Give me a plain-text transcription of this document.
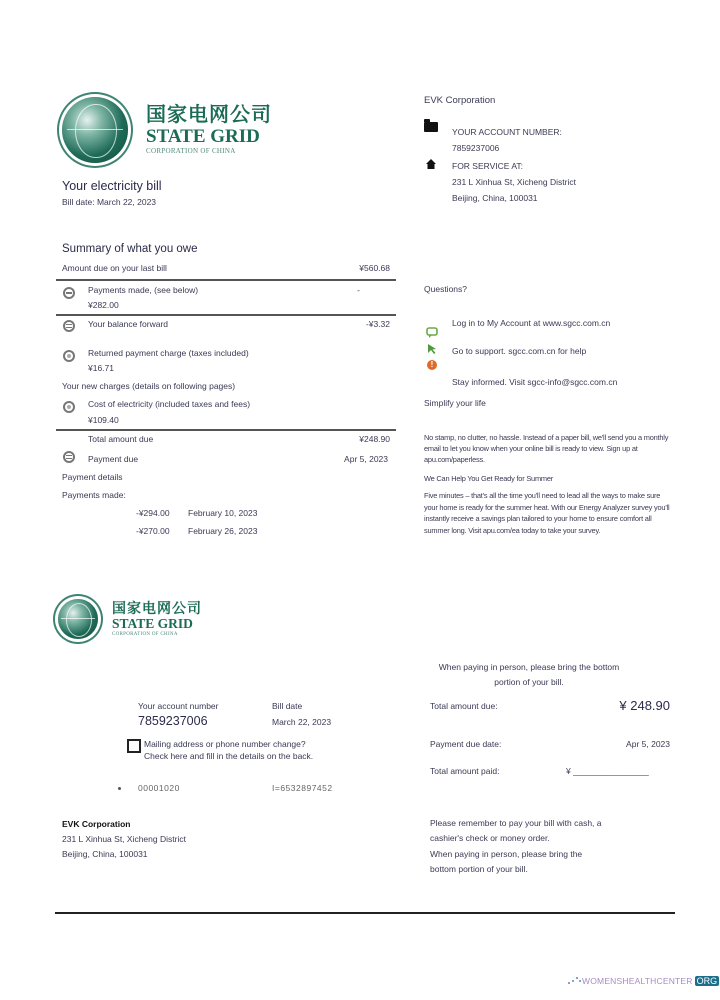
国家电网公司
STATE GRID
CORPORATION OF CHINA
Your electricity bill
Bill date: March 22, 2023
EVK Corporation
YOUR ACCOUNT NUMBER:
7859237006
FOR SERVICE AT:
231 L Xinhua St, Xicheng District
Beijing, China, 100031
Summary of what you owe
Amount due on your last bill	¥560.68
Payments made, (see below)	-
¥282.00
Your balance forward	-¥3.32
Returned payment charge (taxes included)
¥16.71
Your new charges (details on following pages)
Cost of electricity (included taxes and fees)
¥109.40
Total amount due	¥248.90
Payment due	Apr 5, 2023
Payment details
Payments made:
-¥294.00 February 10, 2023
-¥270.00 February 26, 2023
Questions?
!
Log in to My Account at www.sgcc.com.cn
Go to support. sgcc.com.cn for help
Stay informed. Visit sgcc-info@sgcc.com.cn
Simplify your life
No stamp, no clutter, no hassle. Instead of a paper bill, we'll send you a monthly email to let you know when your online bill is ready to view. Sign up at apu.com/paperless.
We Can Help You Get Ready for Summer
Five minutes – that's all the time you'll need to lead all the ways to make sure your home is ready for the summer heat. With our Energy Analyzer survey you'll instantly receive a savings plan tailored to your home to ensure comfort all summer long. Visit apu.com/ea today to take your survey.
国家电网公司
STATE GRID
CORPORATION OF CHINA
Your account number
7859237006
Bill date
March 22, 2023
Mailing address or phone number change?
Check here and fill in the details on the back.
00001020	I=6532897452
EVK Corporation
231 L Xinhua St, Xicheng District
Beijing, China, 100031
When paying in person, please bring the bottom portion of your bill.
Total amount due:	¥ 248.90
Payment due date:	Apr 5, 2023
Total amount paid:	¥ ________________
Please remember to pay your bill with cash, a
cashier's check or money order.
When paying in person, please bring the
bottom portion of your bill.
WOMENSHEALTHCENTER ORG
